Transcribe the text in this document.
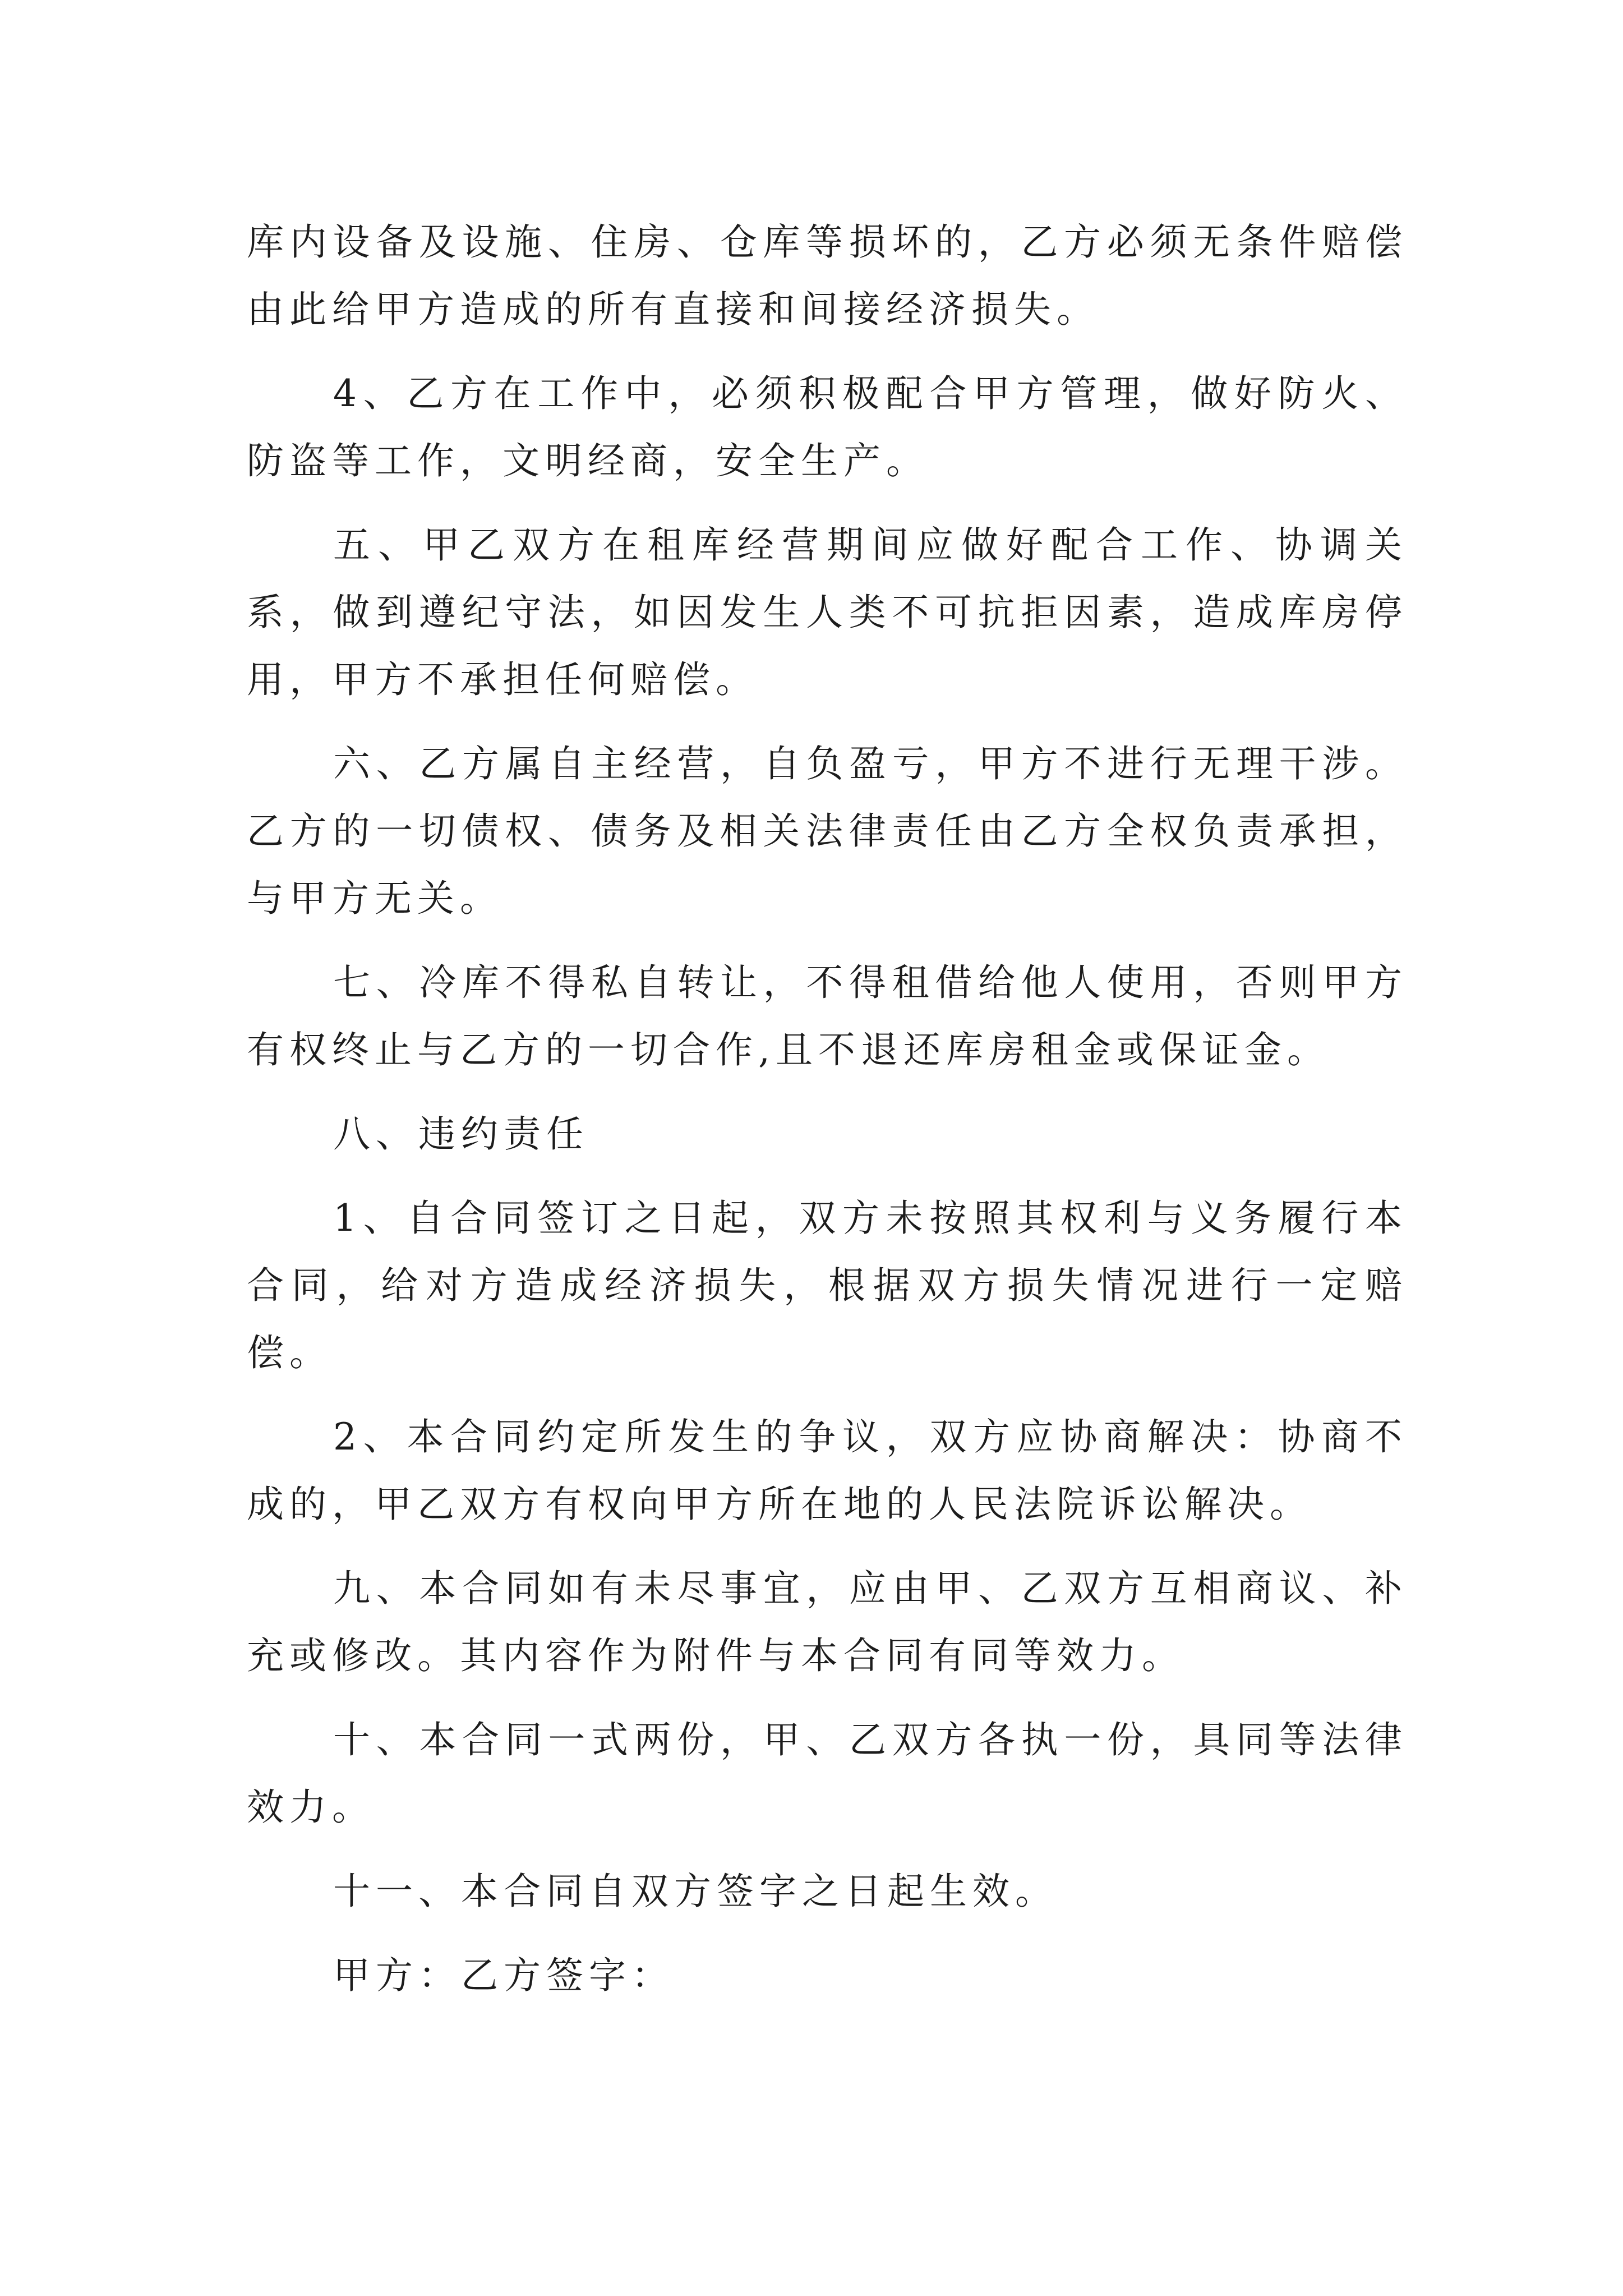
库内设备及设施、住房、仓库等损坏的，乙方必须无条件赔偿由此给甲方造成的所有直接和间接经济损失。

4、乙方在工作中，必须积极配合甲方管理，做好防火、防盗等工作，文明经商，安全生产。

五、甲乙双方在租库经营期间应做好配合工作、协调关系，做到遵纪守法，如因发生人类不可抗拒因素，造成库房停用，甲方不承担任何赔偿。

六、乙方属自主经营，自负盈亏，甲方不进行无理干涉。乙方的一切债权、债务及相关法律责任由乙方全权负责承担，与甲方无关。

七、冷库不得私自转让，不得租借给他人使用，否则甲方有权终止与乙方的一切合作,且不退还库房租金或保证金。

八、违约责任

1、自合同签订之日起，双方未按照其权利与义务履行本合同，给对方造成经济损失，根据双方损失情况进行一定赔偿。

2、本合同约定所发生的争议，双方应协商解决：协商不成的，甲乙双方有权向甲方所在地的人民法院诉讼解决。

九、本合同如有未尽事宜，应由甲、乙双方互相商议、补充或修改。其内容作为附件与本合同有同等效力。

十、本合同一式两份，甲、乙双方各执一份，具同等法律效力。

十一、本合同自双方签字之日起生效。

甲方：乙方签字：
